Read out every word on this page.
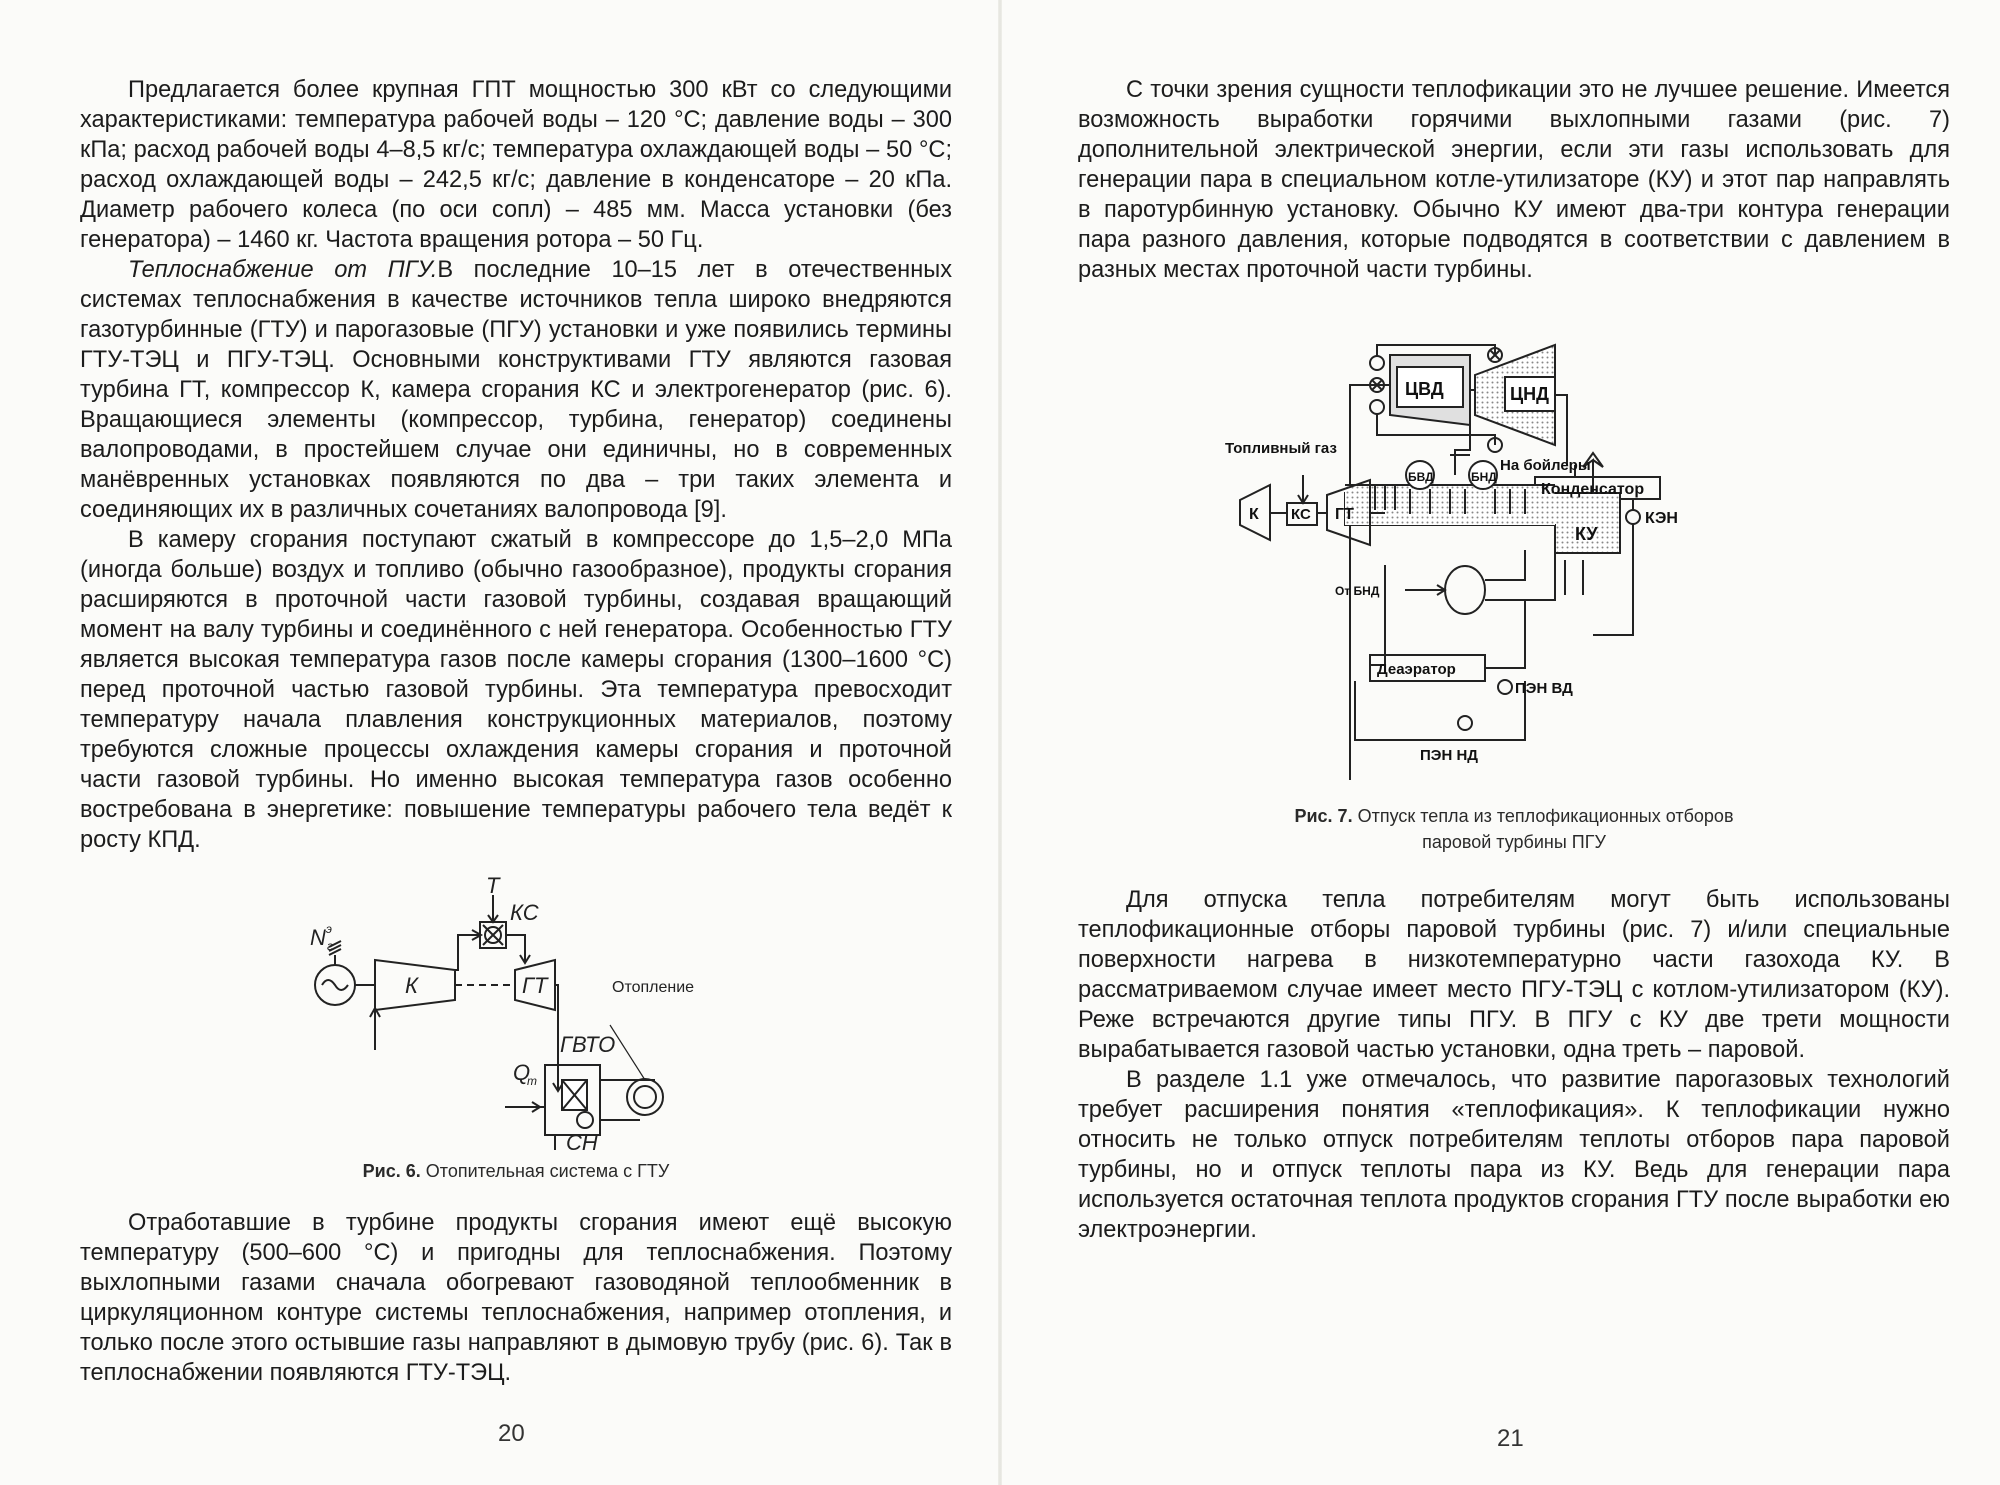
Предлагается более крупная ГПТ мощностью 300 кВт со следующими характеристиками: температура рабочей воды – 120 °С; давление воды – 300 кПа; расход рабочей воды 4–8,5 кг/с; температура охлаждающей воды – 50 °С; расход охлаждающей воды – 242,5 кг/с; давление в конденсаторе – 20 кПа. Диаметр рабочего колеса (по оси сопл) – 485 мм. Масса установки (без генератора) – 1460 кг. Частота вращения ротора – 50 Гц.

Теплоснабжение от ПГУ.В последние 10–15 лет в отечественных системах теплоснабжения в качестве источников тепла широко внедряются газотурбинные (ГТУ) и парогазовые (ПГУ) установки и уже появились термины ГТУ-ТЭЦ и ПГУ-ТЭЦ. Основными конструктивами ГТУ являются газовая турбина ГТ, компрессор К, камера сгорания КС и электрогенератор (рис. 6). Вращающиеся элементы (компрессор, турбина, генератор) соединены валопроводами, в простейшем случае они единичны, но в современных манёвренных установках появляются по два – три таких элемента и соединяющих их в различных сочетаниях валопровода [9].

В камеру сгорания поступают сжатый в компрессоре до 1,5–2,0 МПа (иногда больше) воздух и топливо (обычно газообразное), продукты сгорания расширяются в проточной части газовой турбины, создавая вращающий момент на валу турбины и соединённого с ней генератора. Особенностью ГТУ является высокая температура газов после камеры сгорания (1300–1600 °С) перед проточной частью газовой турбины. Эта температура превосходит температуру начала плавления конструкционных материалов, поэтому требуются сложные процессы охлаждения камеры сгорания и проточной части газовой турбины. Но именно высокая температура газов особенно востребована в энергетике: повышение температуры рабочего тела ведёт к росту КПД.

Т
КС
N э
г
К	ГТ
ГВТО
Q
т
СН
Отопление
Рис. 6. Отопительная система с ГТУ

Отработавшие в турбине продукты сгорания имеют ещё высокую температуру (500–600 °С) и пригодны для теплоснабжения. Поэтому выхлопными газами сначала обогревают газоводяной теплообменник в циркуляционном контуре системы теплоснабжения, например отопления, и только после этого остывшие газы направляют в дымовую трубу (рис. 6). Так в теплоснабжении появляются ГТУ-ТЭЦ.

20

С точки зрения сущности теплофикации это не лучшее решение. Имеется возможность выработки горячими выхлопными газами (рис. 7) дополнительной электрической энергии, если эти газы использовать для генерации пара в специальном котле-утилизаторе (КУ) и этот пар направлять в паротурбинную установку. Обычно КУ имеют два-три контура генерации пара разного давления, которые подводятся в соответствии с давлением в разных местах проточной части турбины.

ЦВД	ЦНД
На бойлеры
Конденсатор
КЭН
Топливный газ
К КС ГТ
БВД	БНД
КУ
От БНД
Деаэратор
ПЭН ВД
ПЭН НД
Рис. 7. Отпуск тепла из теплофикационных отборов
паровой турбины ПГУ

Для отпуска тепла потребителям могут быть использованы теплофикационные отборы паровой турбины (рис. 7) и/или специальные поверхности нагрева в низкотемпературно части газохода КУ. В рассматриваемом случае имеет место ПГУ-ТЭЦ с котлом-утилизатором (КУ). Реже встречаются другие типы ПГУ. В ПГУ с КУ две трети мощности вырабатывается газовой частью установки, одна треть – паровой.

В разделе 1.1 уже отмечалось, что развитие парогазовых технологий требует расширения понятия «теплофикация». К теплофикации нужно относить не только отпуск потребителям теплоты отборов пара паровой турбины, но и отпуск теплоты пара из КУ. Ведь для генерации пара используется остаточная теплота продуктов сгорания ГТУ после выработки ею электроэнергии.

21
